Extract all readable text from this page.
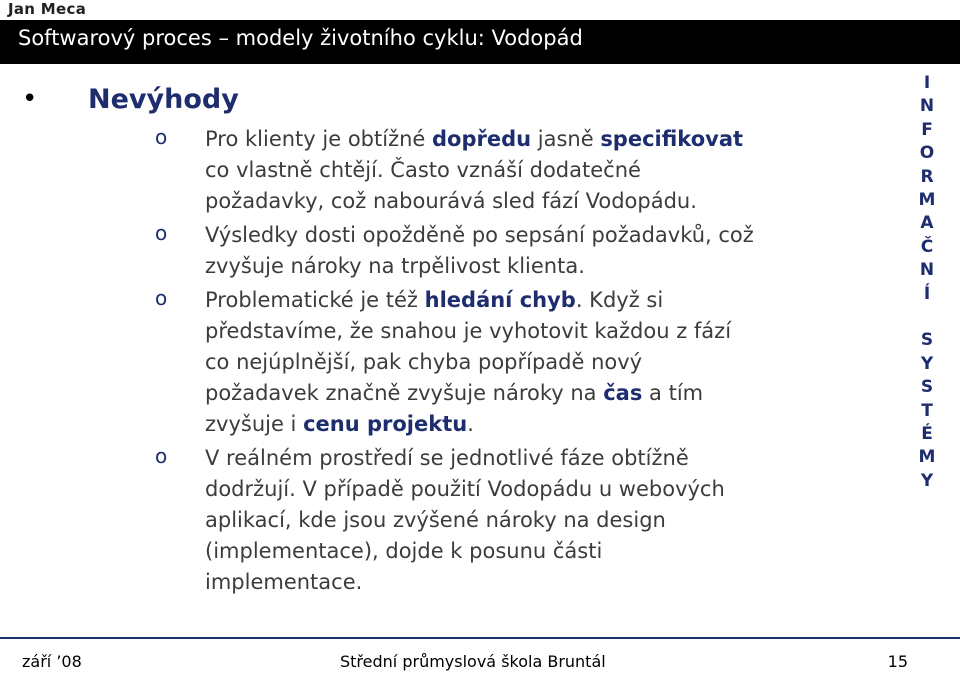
Jan Meca
Softwarový proces – modely životního cyklu: Vodopád
I
N
F
O
R
M
A
Č
N
Í
S
Y
S
T
É
M
Y
• Nevýhody
o Pro klienty je obtížné dopředu jasně specifikovat
co vlastně chtějí. Často vznáší dodatečné
požadavky, což nabourává sled fází Vodopádu.
o Výsledky dosti opožděně po sepsání požadavků, což
zvyšuje nároky na trpělivost klienta.
o Problematické je též hledání chyb. Když si
představíme, že snahou je vyhotovit každou z fází
co nejúplnější, pak chyba popřípadě nový
požadavek značně zvyšuje nároky na čas a tím
zvyšuje i cenu projektu.
o V reálném prostředí se jednotlivé fáze obtížně
dodržují. V případě použití Vodopádu u webových
aplikací, kde jsou zvýšené nároky na design
(implementace), dojde k posunu části
implementace.
září ’08	Střední průmyslová škola Bruntál	15
